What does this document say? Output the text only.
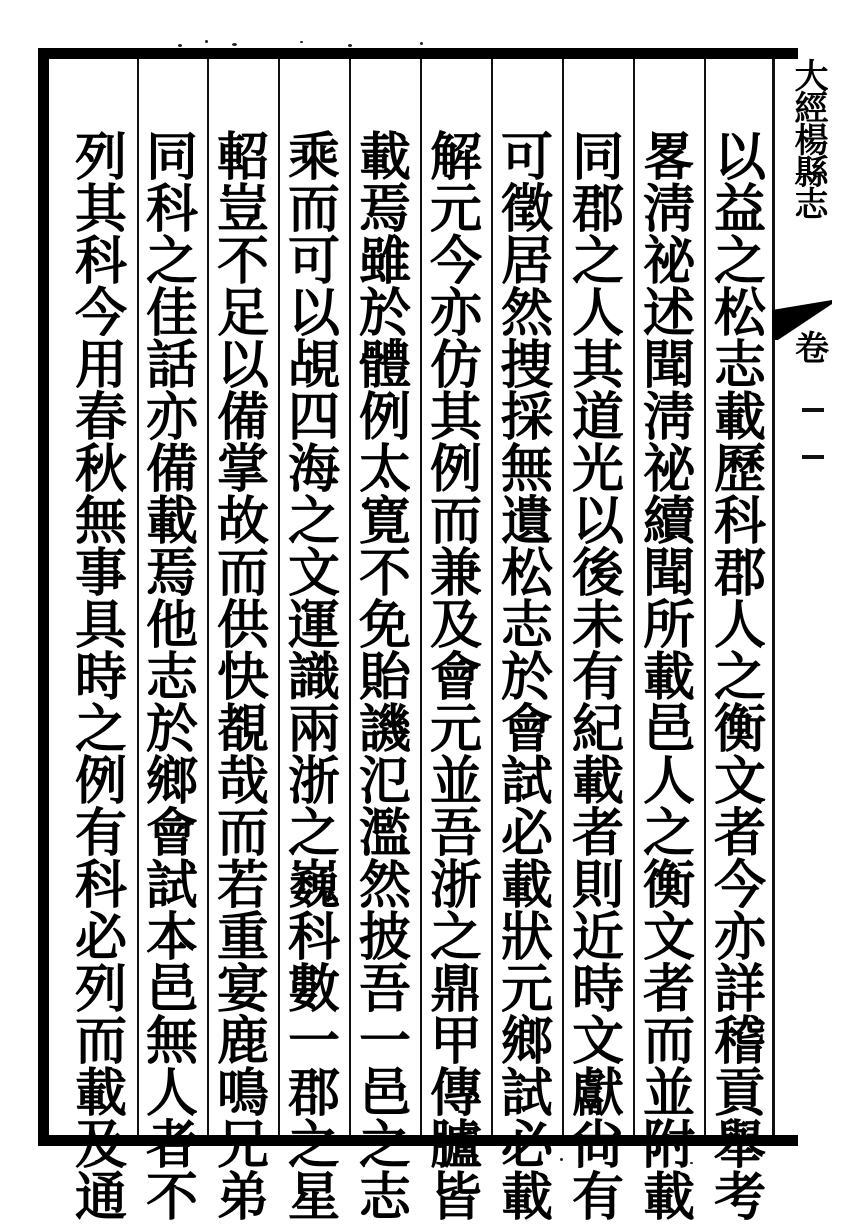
以
益
之
松
志
載
歷
科
郡
人
之
衡
文
者
今
亦
詳
稽
貢
舉
考
畧
淸
祕
述
聞
淸
祕
續
聞
所
載
邑
人
之
衡
文
者
而
並
附
載
同
郡
之
人
其
道
光
以
後
未
有
紀
載
者
則
近
時
文
獻
尙
有
可
徵
居
然
捜
採
無
遺
松
志
於
會
試
必
載
狀
元
鄉
試
必
載
解
元
今
亦
仿
其
例
而
兼
及
會
元
並
吾
浙
之
鼎
甲
傳
臚
皆
載
焉
雖
於
體
例
太
寛
不
免
貽
譏
氾
濫
然
披
吾
一
邑
之
志
乘
而
可
以
覘
四
海
之
文
運
識
兩
浙
之
巍
科
數
一
郡
之
星
軺
豈
不
足
以
備
掌
故
而
供
快
覩
哉
而
若
重
宴
鹿
鳴
兄
弟
同
科
之
佳
話
亦
備
載
焉
他
志
於
鄉
會
試
本
邑
無
人
者
不
列
其
科
今
用
春
秋
無
事
具
時
之
例
有
科
必
列
而
載
及
通
大經楊縣志
卷
